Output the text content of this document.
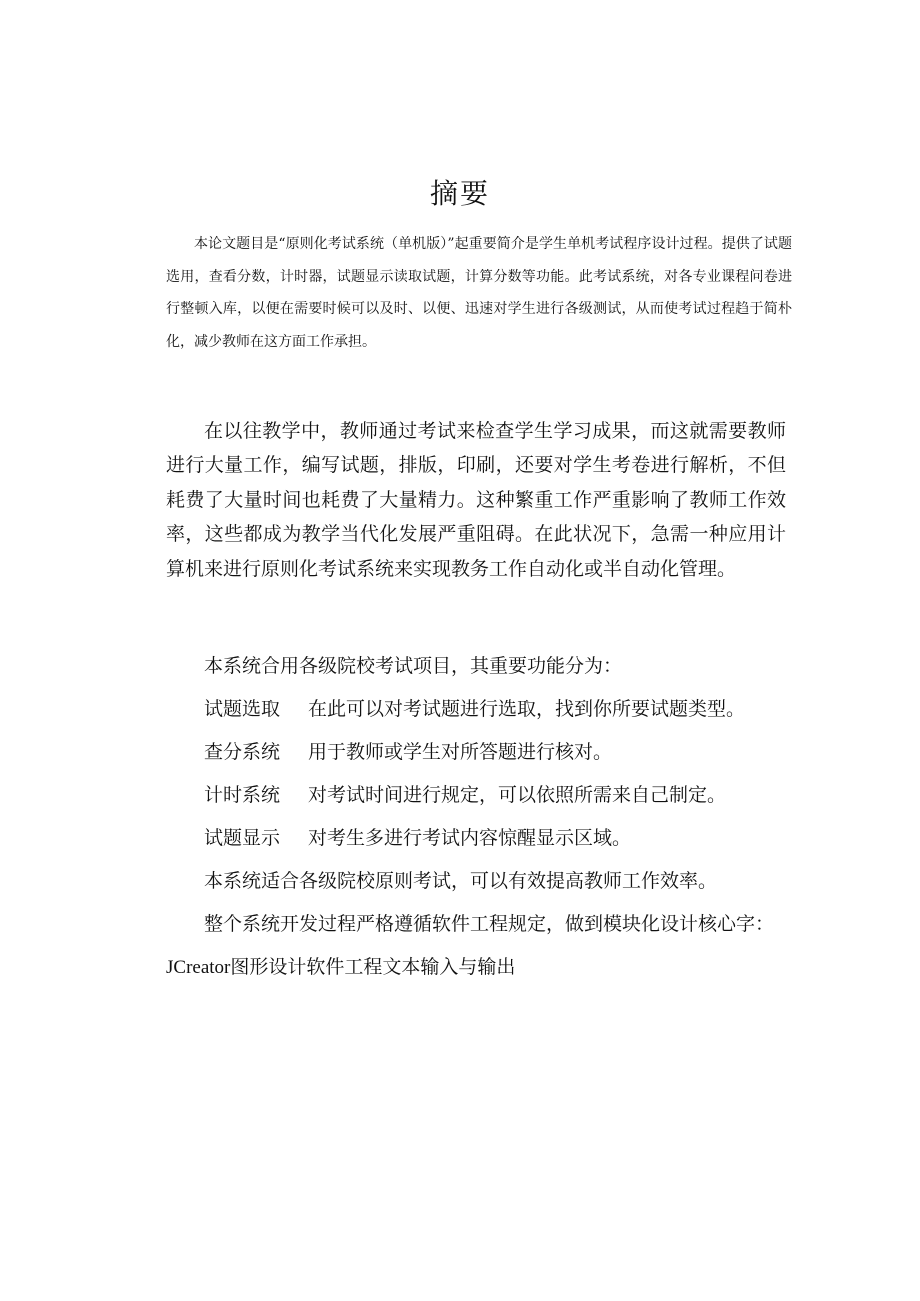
摘要

本论文题目是“原则化考试系统（单机版）”起重要简介是学生单机考试程序设计过程。提供了试题选用，查看分数，计时器，试题显示读取试题，计算分数等功能。此考试系统，对各专业课程问卷进行整顿入库，以便在需要时候可以及时、以便、迅速对学生进行各级测试，从而使考试过程趋于简朴化，减少教师在这方面工作承担。

在以往教学中，教师通过考试来检查学生学习成果，而这就需要教师进行大量工作，编写试题，排版，印刷，还要对学生考卷进行解析，不但耗费了大量时间也耗费了大量精力。这种繁重工作严重影响了教师工作效率，这些都成为教学当代化发展严重阻碍。在此状况下，急需一种应用计算机来进行原则化考试系统来实现教务工作自动化或半自动化管理。

本系统合用各级院校考试项目，其重要功能分为：
试题选取 在此可以对考试题进行选取，找到你所要试题类型。
查分系统 用于教师或学生对所答题进行核对。
计时系统 对考试时间进行规定，可以依照所需来自己制定。
试题显示 对考生多进行考试内容惊醒显示区域。
本系统适合各级院校原则考试，可以有效提高教师工作效率。
整个系统开发过程严格遵循软件工程规定，做到模块化设计核心字：
JCreator图形设计软件工程文本输入与输出
